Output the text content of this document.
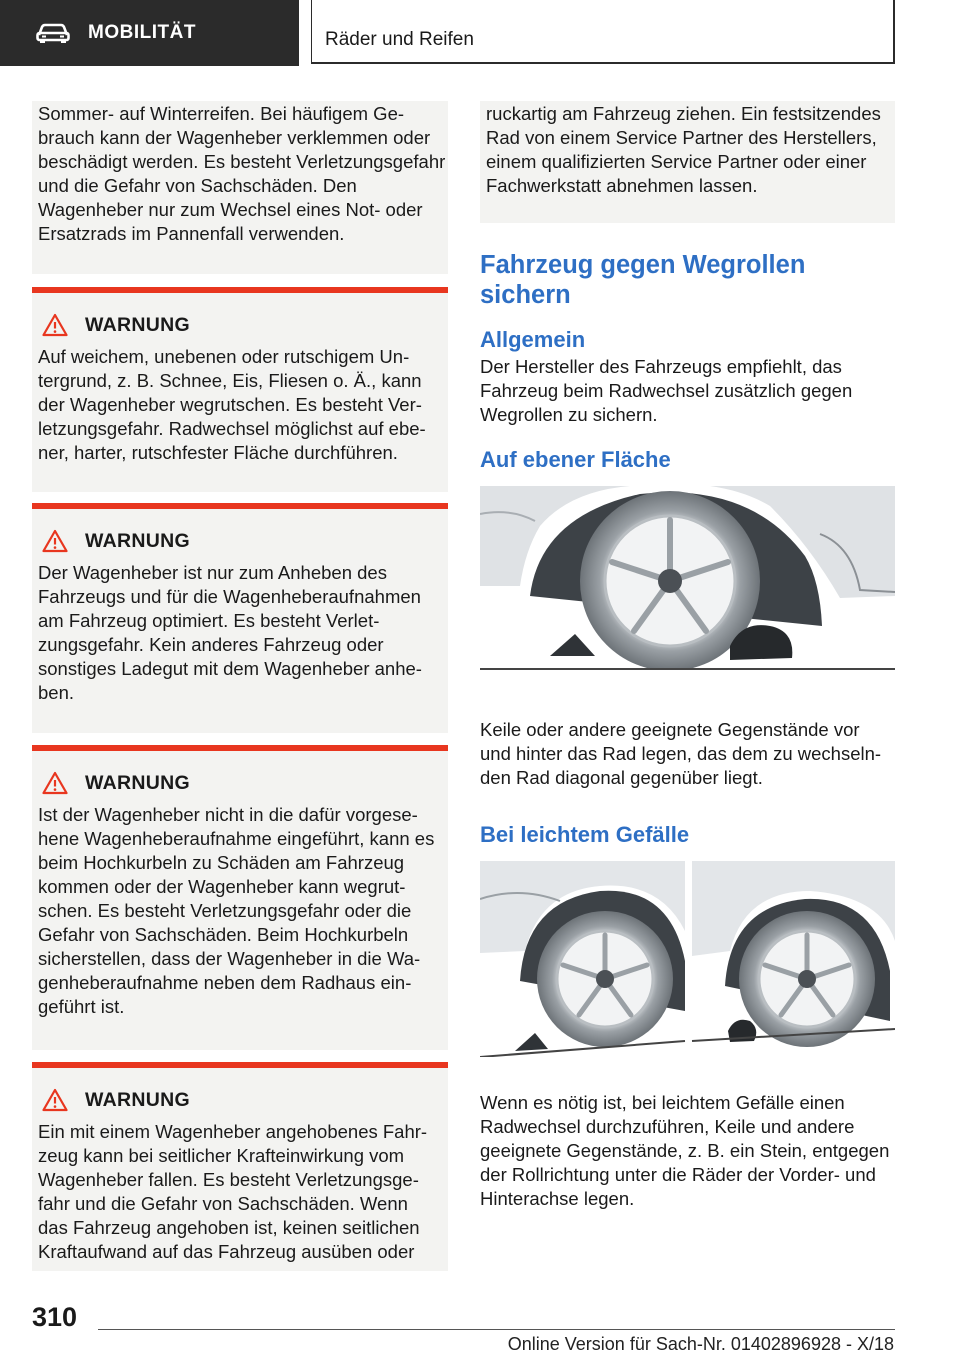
MOBILITÄT	Räder und Reifen

Sommer- auf Winterreifen. Bei häufigem Gebrauch kann der Wagenheber verklemmen oder beschädigt werden. Es besteht Verletzungsgefahr und die Gefahr von Sachschäden. Den Wagenheber nur zum Wechsel eines Not- oder Ersatzrads im Pannenfall verwenden.

WARNUNG

Auf weichem, unebenen oder rutschigem Untergrund, z. B. Schnee, Eis, Fliesen o. Ä., kann der Wagenheber wegrutschen. Es besteht Verletzungsgefahr. Radwechsel möglichst auf ebener, harter, rutschfester Fläche durchführen.

WARNUNG

Der Wagenheber ist nur zum Anheben des Fahrzeugs und für die Wagenheberaufnahmen am Fahrzeug optimiert. Es besteht Verletzungsgefahr. Kein anderes Fahrzeug oder sonstiges Ladegut mit dem Wagenheber anheben.

WARNUNG

Ist der Wagenheber nicht in die dafür vorgesehene Wagenheberaufnahme eingeführt, kann es beim Hochkurbeln zu Schäden am Fahrzeug kommen oder der Wagenheber kann wegrutschen. Es besteht Verletzungsgefahr oder die Gefahr von Sachschäden. Beim Hochkurbeln sicherstellen, dass der Wagenheber in die Wagenheberaufnahme neben dem Radhaus eingeführt ist.

WARNUNG

Ein mit einem Wagenheber angehobenes Fahrzeug kann bei seitlicher Krafteinwirkung vom Wagenheber fallen. Es besteht Verletzungsgefahr und die Gefahr von Sachschäden. Wenn das Fahrzeug angehoben ist, keinen seitlichen Kraftaufwand auf das Fahrzeug ausüben oder

ruckartig am Fahrzeug ziehen. Ein festsitzendes Rad von einem Service Partner des Herstellers, einem qualifizierten Service Partner oder einer Fachwerkstatt abnehmen lassen.

Fahrzeug gegen Wegrollen sichern
Allgemein

Der Hersteller des Fahrzeugs empfiehlt, das Fahrzeug beim Radwechsel zusätzlich gegen Wegrollen zu sichern.

Auf ebener Fläche

Keile oder andere geeignete Gegenstände vor und hinter das Rad legen, das dem zu wechselnden Rad diagonal gegenüber liegt.

Bei leichtem Gefälle

Wenn es nötig ist, bei leichtem Gefälle einen Radwechsel durchzuführen, Keile und andere geeignete Gegenstände, z. B. ein Stein, entgegen der Rollrichtung unter die Räder der Vorder- und Hinterachse legen.

310
Online Version für Sach-Nr. 01402896928 - X/18
